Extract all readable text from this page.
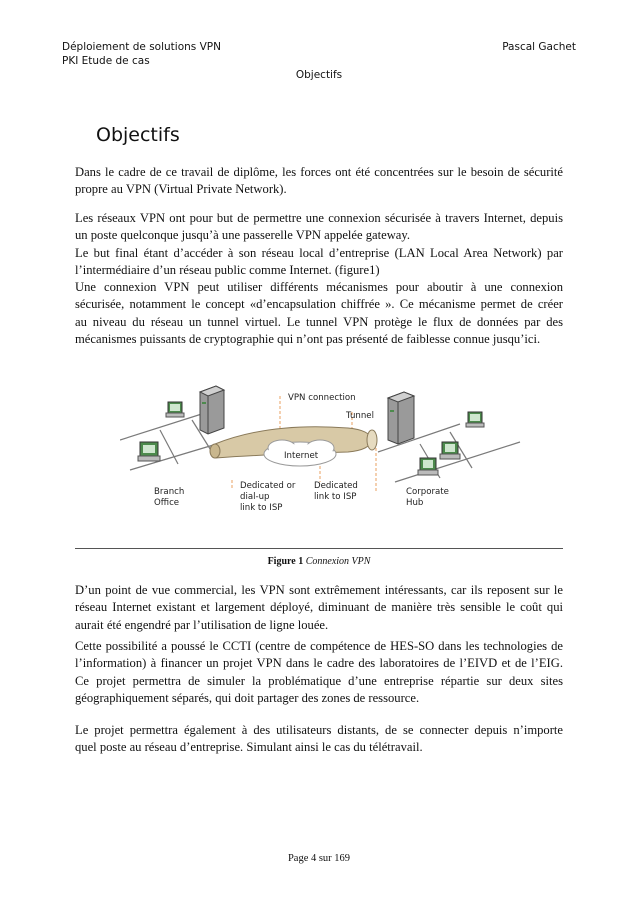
Déploiement de solutions VPN
PKI Etude de cas
Pascal Gachet
Objectifs
Objectifs
Dans le cadre de ce travail de diplôme, les forces ont été concentrées sur le besoin de sécurité
propre au VPN (Virtual Private Network).
Les réseaux VPN ont pour but de permettre une connexion sécurisée à travers Internet, depuis
un poste quelconque jusqu’à une passerelle VPN appelée gateway.
Le but final étant d’accéder à son réseau local d’entreprise (LAN Local Area Network) par
l’intermédiaire d’un réseau public comme Internet. (figure1)
Une connexion VPN peut utiliser différents mécanismes pour aboutir à une connexion
sécurisée, notamment le concept «d’encapsulation chiffrée ». Ce mécanisme permet de créer
au niveau du réseau un tunnel virtuel. Le tunnel VPN protège le flux de données par des
mécanismes puissants de cryptographie qui n’ont pas présenté de faiblesse connue jusqu’ici.
VPN connection
Tunnel
Internet
Branch
Office
Dedicated or
dial-up
link to ISP
Dedicated
link to ISP	Corporate
Hub
Figure 1 Connexion VPN
D’un point de vue commercial, les VPN sont extrêmement intéressants, car ils reposent sur le
réseau Internet existant et largement déployé, diminuant de manière très sensible le coût qui
aurait été engendré par l’utilisation de ligne louée.
Cette possibilité a poussé le CCTI (centre de compétence de HES-SO dans les technologies de
l’information) à financer un projet VPN dans le cadre des laboratoires de l’EIVD et de l’EIG.
Ce projet permettra de simuler la problématique d’une entreprise répartie sur deux sites
géographiquement séparés, qui doit partager des zones de ressource.
Le projet permettra également à des utilisateurs distants, de se connecter depuis n’importe
quel poste au réseau d’entreprise. Simulant ainsi le cas du télétravail.
Page 4 sur 169
